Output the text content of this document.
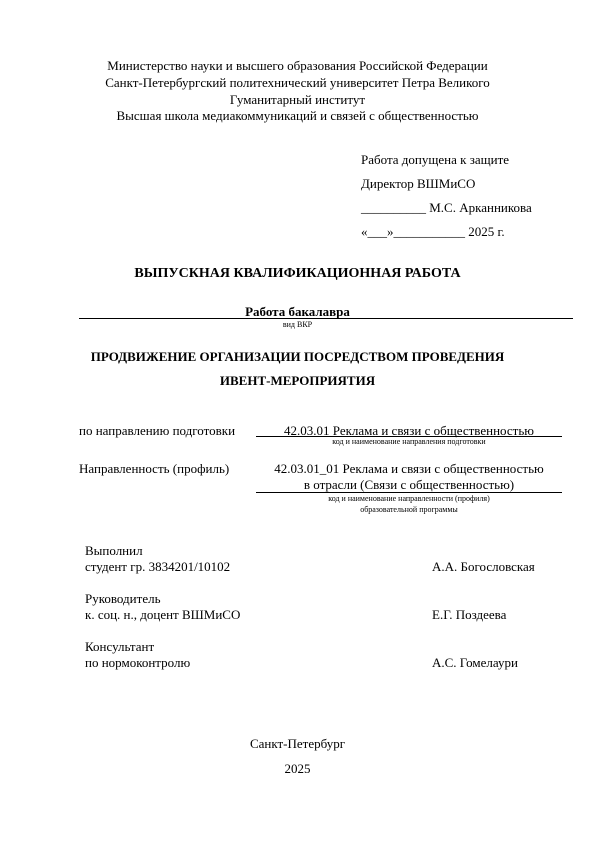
Министерство науки и высшего образования Российской Федерации
Санкт-Петербургский политехнический университет Петра Великого
Гуманитарный институт
Высшая школа медиакоммуникаций и связей с общественностью
Работа допущена к защите
Директор ВШМиСО
__________ М.С. Арканникова
«___»___________ 2025 г.
ВЫПУСКНАЯ КВАЛИФИКАЦИОННАЯ РАБОТА
Работа бакалавра
вид ВКР
ПРОДВИЖЕНИЕ ОРГАНИЗАЦИИ ПОСРЕДСТВОМ ПРОВЕДЕНИЯ
ИВЕНТ-МЕРОПРИЯТИЯ
по направлению подготовки	42.03.01 Реклама и связи с общественностью
код и наименование направления подготовки
Направленность (профиль)	42.03.01_01 Реклама и связи с общественностью
в отрасли (Связи с общественностью)
код и наименование направленности (профиля)
образовательной программы
Выполнил
студент гр. 3834201/10102	А.А. Богословская
Руководитель
к. соц. н., доцент ВШМиСО	Е.Г. Поздеева
Консультант
по нормоконтролю	А.С. Гомелаури
Санкт-Петербург
2025
